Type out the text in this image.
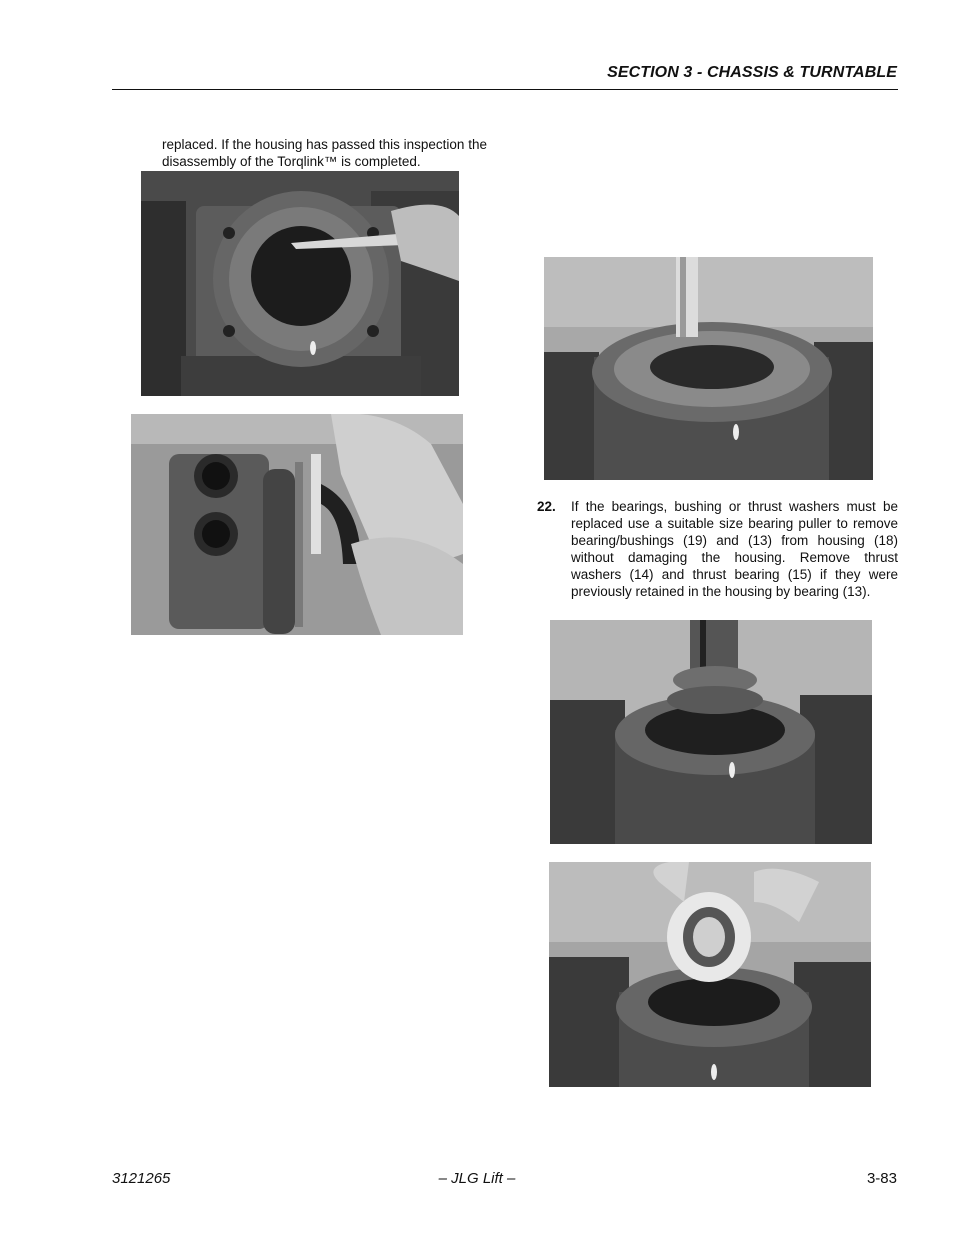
SECTION 3 - CHASSIS & TURNTABLE
replaced. If the housing has passed this inspection the disassembly of the Torqlink™ is completed.
22. If the bearings, bushing or thrust washers must be replaced use a suitable size bearing puller to remove bearing/bushings (19) and (13) from housing (18) without damaging the housing. Remove thrust washers (14) and thrust bearing (15) if they were previously retained in the housing by bearing (13).
3121265	– JLG Lift –	3-83
